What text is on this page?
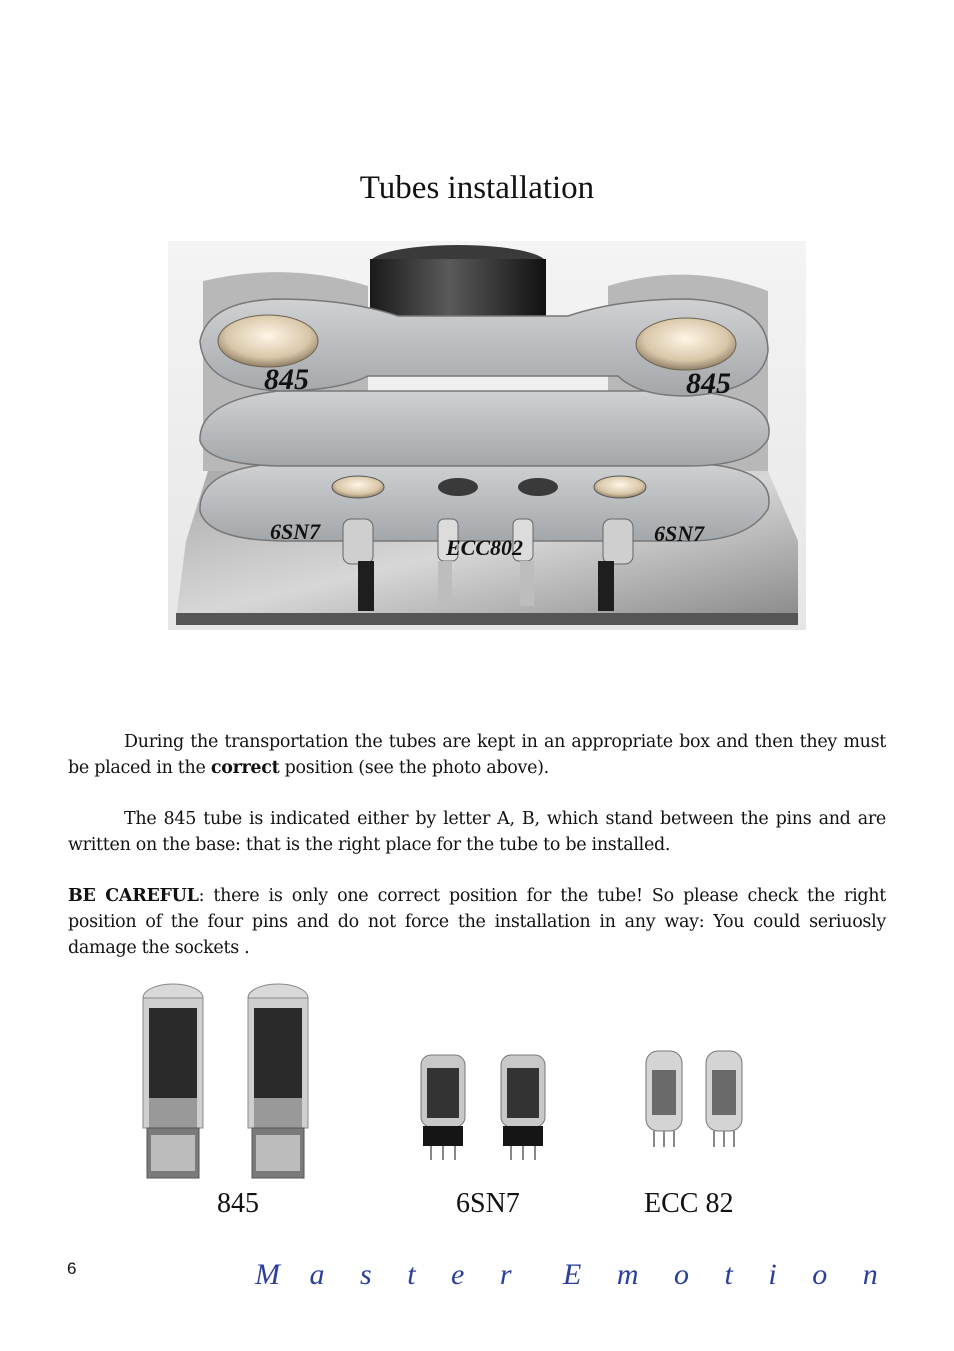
Tubes installation
845	845
6SN7	6SN7
ECC802
During the transportation the tubes are kept in an appropriate box and then they must be placed in the correct position (see the photo above).
The 845 tube is indicated either by letter A, B, which stand between the pins and are written on the base: that is the right place for the tube to be installed.
BE CAREFUL: there is only one correct position for the tube! So please check the right position of the four pins and do not force the installation in any way: You could seriuosly damage the sockets .
845	6SN7	ECC 82
6	M a s t e r E m o t i o n
